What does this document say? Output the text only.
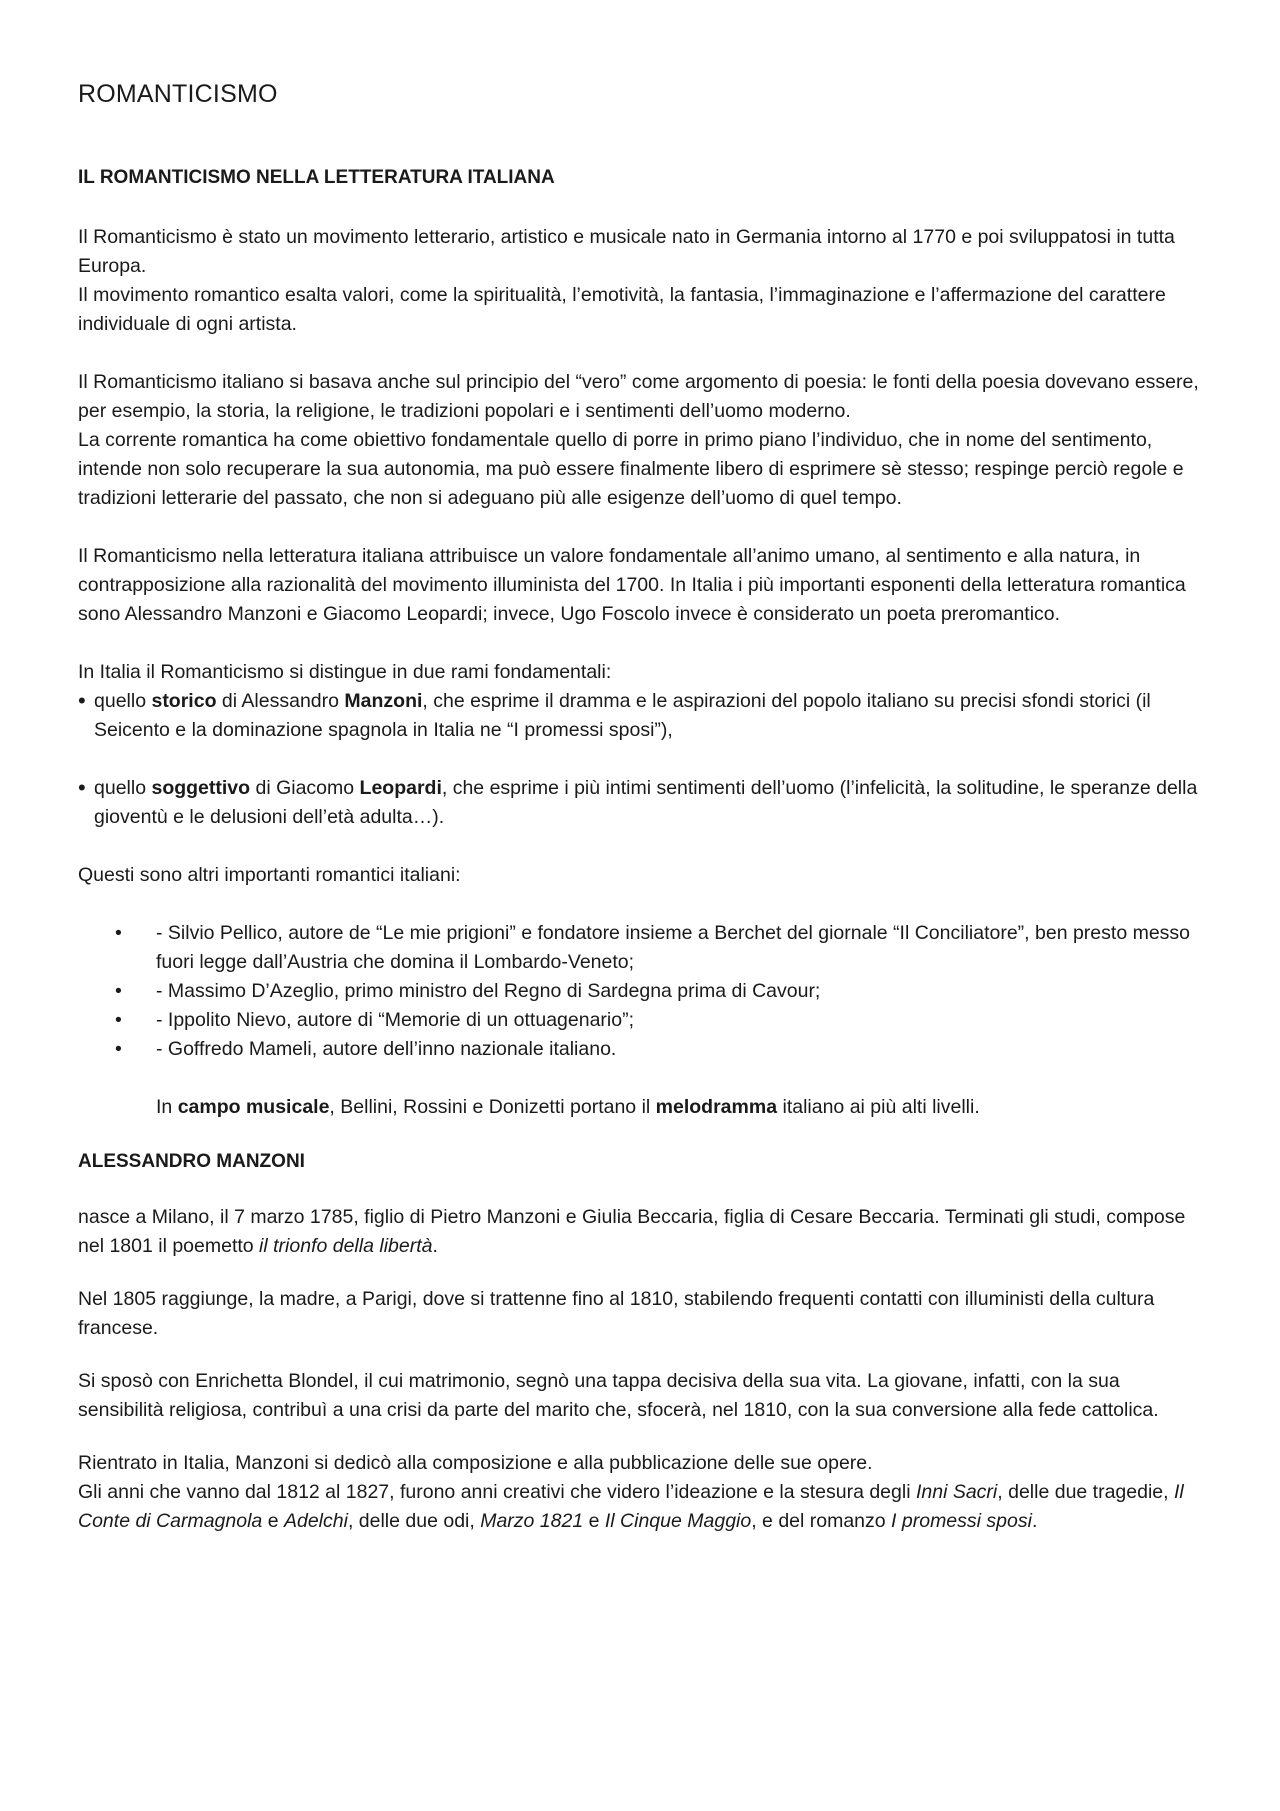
ROMANTICISMO
IL ROMANTICISMO NELLA LETTERATURA ITALIANA

Il Romanticismo è stato un movimento letterario, artistico e musicale nato in Germania intorno al 1770 e poi sviluppatosi in tutta Europa.

Il movimento romantico esalta valori, come la spiritualità, l’emotività, la fantasia, l’immaginazione e l’affermazione del carattere individuale di ogni artista.

Il Romanticismo italiano si basava anche sul principio del “vero” come argomento di poesia: le fonti della poesia dovevano essere, per esempio, la storia, la religione, le tradizioni popolari e i sentimenti dell’uomo moderno.

La corrente romantica ha come obiettivo fondamentale quello di porre in primo piano l’individuo, che in nome del sentimento, intende non solo recuperare la sua autonomia, ma può essere finalmente libero di esprimere sè stesso; respinge perciò regole e tradizioni letterarie del passato, che non si adeguano più alle esigenze dell’uomo di quel tempo.

Il Romanticismo nella letteratura italiana attribuisce un valore fondamentale all’animo umano, al sentimento e alla natura, in contrapposizione alla razionalità del movimento illuminista del 1700. In Italia i più importanti esponenti della letteratura romantica sono Alessandro Manzoni e Giacomo Leopardi; invece, Ugo Foscolo invece è considerato un poeta preromantico.

In Italia il Romanticismo si distingue in due rami fondamentali:

• quello storico di Alessandro Manzoni, che esprime il dramma e le aspirazioni del popolo italiano su precisi sfondi storici (il Seicento e la dominazione spagnola in Italia ne “I promessi sposi”),

• quello soggettivo di Giacomo Leopardi, che esprime i più intimi sentimenti dell’uomo (l’infelicità, la solitudine, le speranze della gioventù e le delusioni dell’età adulta…).

Questi sono altri importanti romantici italiani:

• - Silvio Pellico, autore de “Le mie prigioni” e fondatore insieme a Berchet del giornale “Il Conciliatore”, ben presto messo fuori legge dall’Austria che domina il Lombardo-Veneto;
• - Massimo D’Azeglio, primo ministro del Regno di Sardegna prima di Cavour;
• - Ippolito Nievo, autore di “Memorie di un ottuagenario”;
• - Goffredo Mameli, autore dell’inno nazionale italiano.

In campo musicale, Bellini, Rossini e Donizetti portano il melodramma italiano ai più alti livelli.

ALESSANDRO MANZONI

nasce a Milano, il 7 marzo 1785, figlio di Pietro Manzoni e Giulia Beccaria, figlia di Cesare Beccaria. Terminati gli studi, compose nel 1801 il poemetto il trionfo della libertà.

Nel 1805 raggiunge, la madre, a Parigi, dove si trattenne fino al 1810, stabilendo frequenti contatti con illuministi della cultura francese.

Si sposò con Enrichetta Blondel, il cui matrimonio, segnò una tappa decisiva della sua vita. La giovane, infatti, con la sua sensibilità religiosa, contribuì a una crisi da parte del marito che, sfocerà, nel 1810, con la sua conversione alla fede cattolica.

Rientrato in Italia, Manzoni si dedicò alla composizione e alla pubblicazione delle sue opere.

Gli anni che vanno dal 1812 al 1827, furono anni creativi che videro l’ideazione e la stesura degli Inni Sacri, delle due tragedie, Il Conte di Carmagnola e Adelchi, delle due odi, Marzo 1821 e Il Cinque Maggio, e del romanzo I promessi sposi.
